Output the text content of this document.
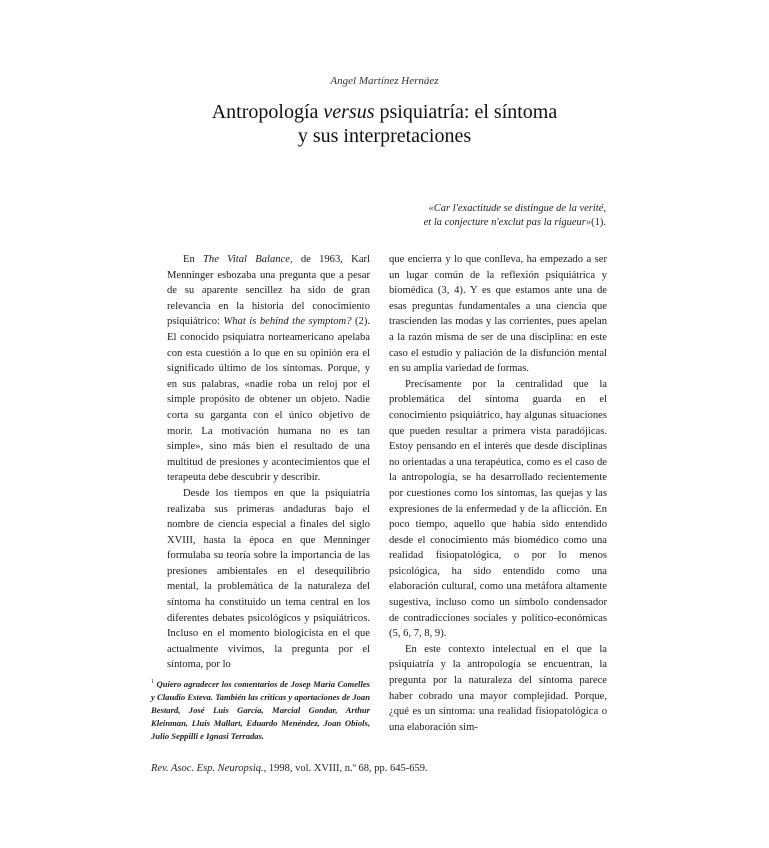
Angel Martínez Hernáez
Antropología versus psiquiatría: el síntoma
y sus interpretaciones
«Car l'exactitude se distingue de la verité,
et la conjecture n'exclut pas la rigueur»(1).

En The Vital Balance, de 1963, Karl Menninger esbozaba una pregunta que a pesar de su aparente sencillez ha sido de gran relevancia en la historia del conocimiento psiquiátrico: What is behind the symptom? (2). El conocido psiquiatra norteamericano apelaba con esta cuestión a lo que en su opinión era el significado último de los síntomas. Porque, y en sus palabras, «nadie roba un reloj por el simple propósito de obtener un objeto. Nadie corta su garganta con el único objetivo de morir. La motivación humana no es tan simple», sino más bien el resultado de una multitud de presiones y acontecimientos que el terapeuta debe descubrir y describir.

Desde los tiempos en que la psiquiatría realizaba sus primeras andaduras bajo el nombre de ciencia especial a finales del siglo XVIII, hasta la época en que Menninger formulaba su teoría sobre la importancia de las presiones ambientales en el desequilibrio mental, la problemática de la naturaleza del síntoma ha constituido un tema central en los diferentes debates psicológicos y psiquiátricos. Incluso en el momento biologicista en el que actualmente vivimos, la pregunta por el síntoma, por lo

que encierra y lo que conlleva, ha empezado a ser un lugar común de la reflexión psiquiátrica y biomédica (3, 4). Y es que estamos ante una de esas preguntas fundamentales a una ciencia que trascienden las modas y las corrientes, pues apelan a la razón misma de ser de una disciplina: en este caso el estudio y paliación de la disfunción mental en su amplia variedad de formas.

Precisamente por la centralidad que la problemática del síntoma guarda en el conocimiento psiquiátrico, hay algunas situaciones que pueden resultar a primera vista paradójicas. Estoy pensando en el interés que desde disciplinas no orientadas a una terapéutica, como es el caso de la antropología, se ha desarrollado recientemente por cuestiones como los síntomas, las quejas y las expresiones de la enfermedad y de la aflicción. En poco tiempo, aquello que había sido entendido desde el conocimiento más biomédico como una realidad fisiopatológica, o por lo menos psicológica, ha sido entendido como una elaboración cultural, como una metáfora altamente sugestiva, incluso como un símbolo condensador de contradicciones sociales y político-económicas (5, 6, 7, 8, 9).

En este contexto intelectual en el que la psiquiatría y la antropología se encuentran, la pregunta por la naturaleza del síntoma parece haber cobrado una mayor complejidad. Porque, ¿qué es un síntoma: una realidad fisiopatológica o una elaboración sim-

$^1$ Quiero agradecer los comentarios de Josep Maria Comelles y Claudio Esteva. También las críticas y aportaciones de Joan Bestard, José Luis García, Marcial Gondar, Arthur Kleinman, Lluís Mallart, Eduardo Menéndez, Joan Obiols, Julio Seppilli e Ignasi Terradas.
Rev. Asoc. Esp. Neuropsiq., 1998, vol. XVIII, n.º 68, pp. 645-659.
